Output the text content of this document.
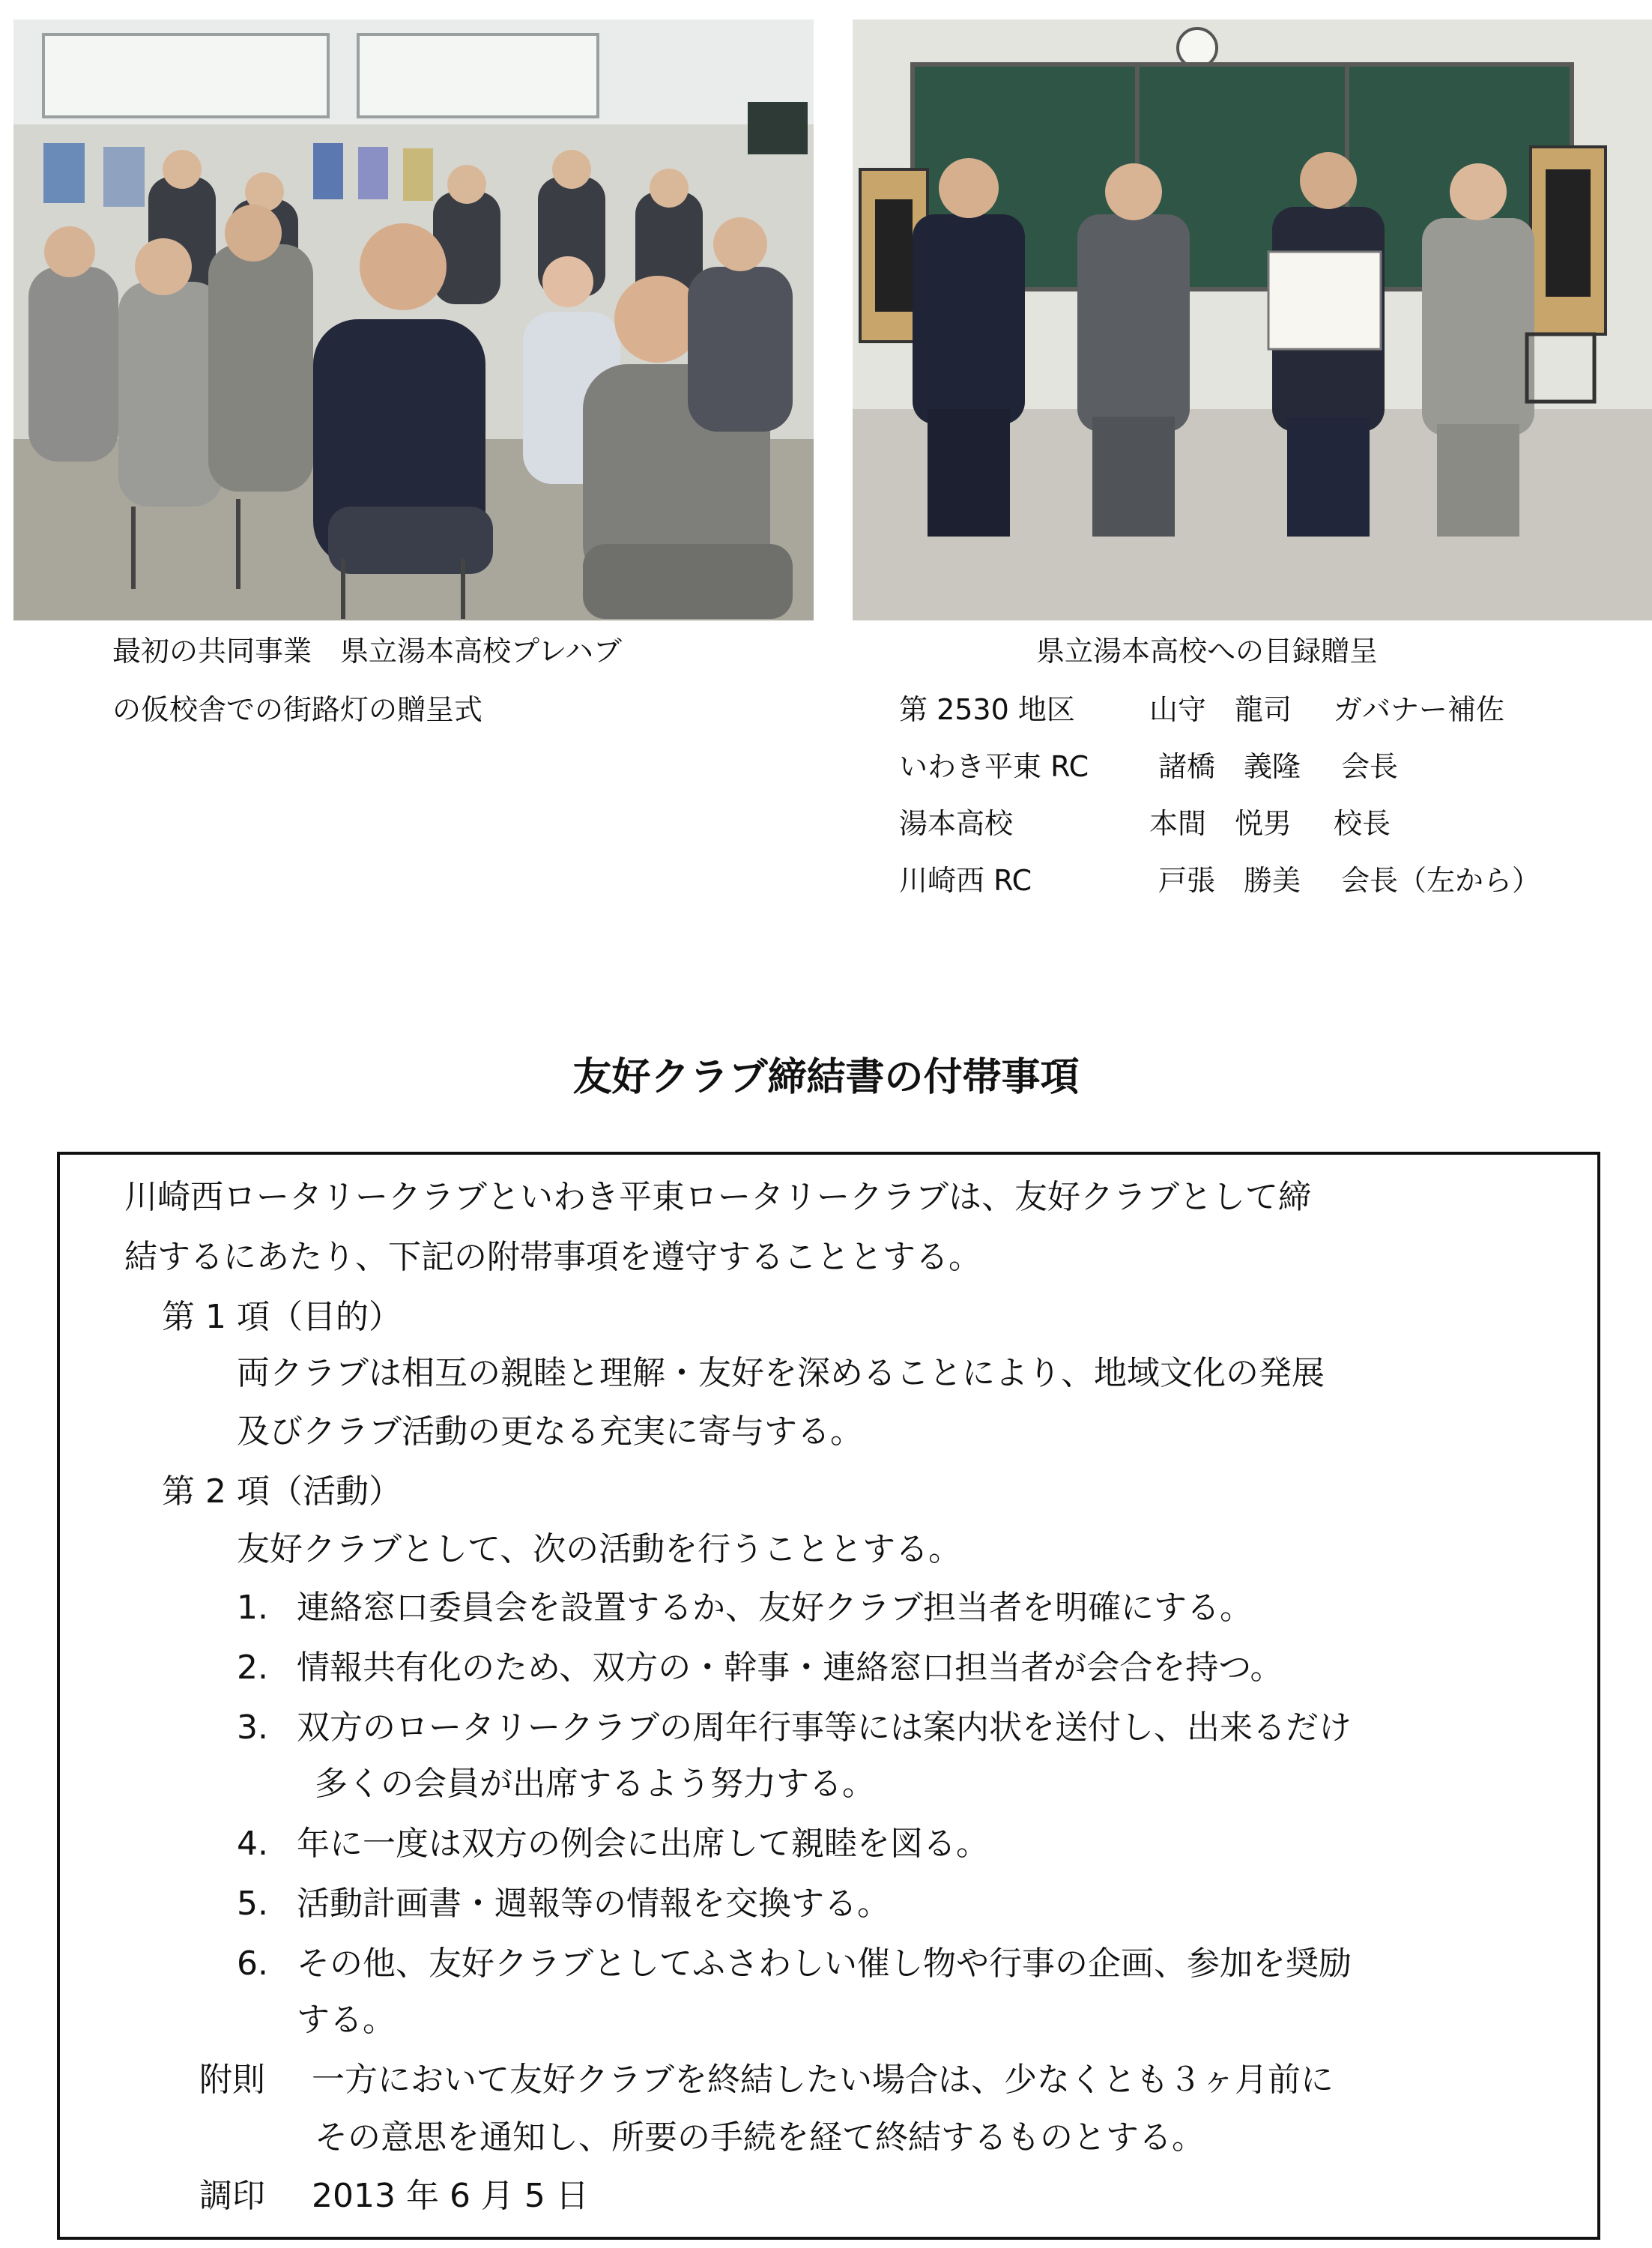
最初の共同事業　県立湯本高校プレハブ
の仮校舎での街路灯の贈呈式
県立湯本高校への目録贈呈
第 2530 地区	山守　龍司 ガバナー補佐
いわき平東 RC 諸橋　義隆 会長
湯本高校	本間　悦男 校長
川崎西 RC	戸張　勝美 会長（左から）
友好クラブ締結書の付帯事項
川崎西ロータリークラブといわき平東ロータリークラブは、友好クラブとして締
結するにあたり、下記の附帯事項を遵守することとする。
第 1 項（目的）
両クラブは相互の親睦と理解・友好を深めることにより、地域文化の発展
及びクラブ活動の更なる充実に寄与する。
第 2 項（活動）
友好クラブとして、次の活動を行うこととする。
1. 連絡窓口委員会を設置するか、友好クラブ担当者を明確にする。
2. 情報共有化のため、双方の・幹事・連絡窓口担当者が会合を持つ。
3. 双方のロータリークラブの周年行事等には案内状を送付し、出来るだけ
多くの会員が出席するよう努力する。
4. 年に一度は双方の例会に出席して親睦を図る。
5. 活動計画書・週報等の情報を交換する。
6. その他、友好クラブとしてふさわしい催し物や行事の企画、参加を奨励
する。
附則 一方において友好クラブを終結したい場合は、少なくとも３ヶ月前に
その意思を通知し、所要の手続を経て終結するものとする。
調印 2013 年 6 月 5 日
